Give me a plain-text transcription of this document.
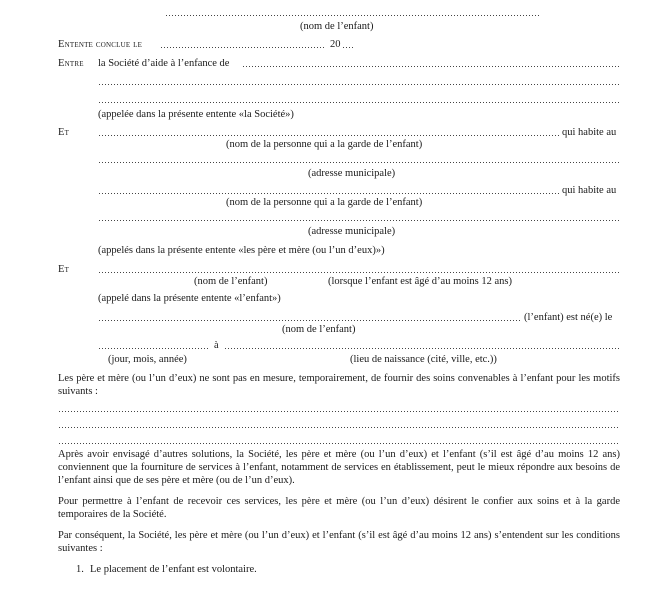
(nom de l’enfant)
Entente conclue le	20
Entre la Société d’aide à l’enfance de
(appelée dans la présente entente «la Société»)
Et	qui habite au
(nom de la personne qui a la garde de l’enfant)
(adresse municipale)
qui habite au
(nom de la personne qui a la garde de l’enfant)
(adresse municipale)
(appelés dans la présente entente «les père et mère (ou l’un d’eux)»)
Et
(nom de l’enfant)	(lorsque l’enfant est âgé d’au moins 12 ans)
(appelé dans la présente entente «l’enfant»)
(l’enfant) est né(e) le
(nom de l’enfant)
à
(jour, mois, année)	(lieu de naissance (cité, ville, etc.))
Les père et mère (ou l’un d’eux) ne sont pas en mesure, temporairement, de fournir des soins convenables à l’enfant pour les motifs suivants :
Après avoir envisagé d’autres solutions, la Société, les père et mère (ou l’un d’eux) et l’enfant (s’il est âgé d’au moins 12 ans) conviennent que la fourniture de services à l’enfant, notamment de services en établissement, peut le mieux répondre aux besoins de l’enfant ainsi que de ses père et mère (ou de l’un d’eux).
Pour permettre à l’enfant de recevoir ces services, les père et mère (ou l’un d’eux) désirent le confier aux soins et à la garde temporaires de la Société.
Par conséquent, la Société, les père et mère (ou l’un d’eux) et l’enfant (s’il est âgé d’au moins 12 ans) s’entendent sur les conditions suivantes :
1. Le placement de l’enfant est volontaire.
